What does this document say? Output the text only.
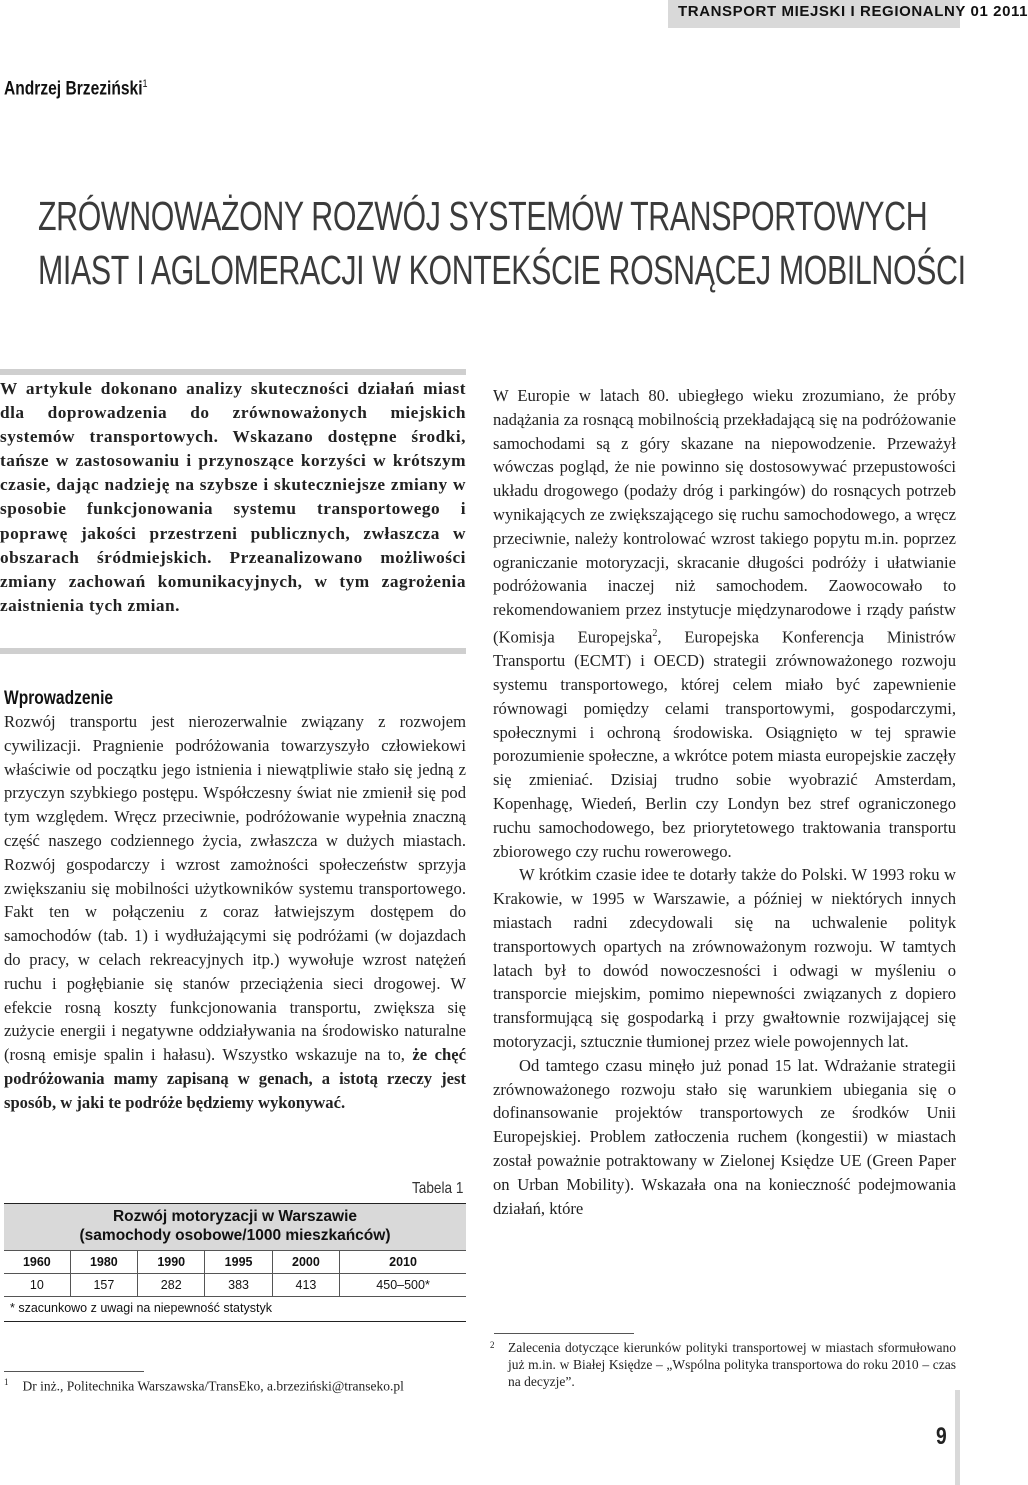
TRANSPORT MIEJSKI I REGIONALNY 01 2011
Andrzej Brzeziński$^1$
ZRÓWNOWAŻONY ROZWÓJ SYSTEMÓW TRANSPORTOWYCH
MIAST I AGLOMERACJI W KONTEKŚCIE ROSNĄCEJ MOBILNOŚCI
W artykule dokonano analizy skuteczności działań miast dla doprowadzenia do zrównoważonych miejskich systemów transportowych. Wskazano dostępne środki, tańsze w zastosowaniu i przynoszące korzyści w krótszym czasie, dając nadzieję na szybsze i skuteczniejsze zmiany w sposobie funkcjonowania systemu transportowego i poprawę jakości przestrzeni publicznych, zwłaszcza w obszarach śródmiejskich. Przeanalizowano możliwości zmiany zachowań komunikacyjnych, w tym zagrożenia zaistnienia tych zmian.
Wprowadzenie

Rozwój transportu jest nierozerwalnie związany z rozwojem cywilizacji. Pragnienie podróżowania towarzyszyło człowiekowi właściwie od początku jego istnienia i niewątpliwie stało się jedną z przyczyn szybkiego postępu. Współczesny świat nie zmienił się pod tym względem. Wręcz przeciwnie, podróżowanie wypełnia znaczną część naszego codziennego życia, zwłaszcza w dużych miastach. Rozwój gospodarczy i wzrost zamożności społeczeństw sprzyja zwiększaniu się mobilności użytkowników systemu transportowego. Fakt ten w połączeniu z coraz łatwiejszym dostępem do samochodów (tab. 1) i wydłużającymi się podróżami (w dojazdach do pracy, w celach rekreacyjnych itp.) wywołuje wzrost natężeń ruchu i pogłębianie się stanów przeciążenia sieci drogowej. W efekcie rosną koszty funkcjonowania transportu, zwiększa się zużycie energii i negatywne oddziaływania na środowisko naturalne (rosną emisje spalin i hałasu). Wszystko wskazuje na to, że chęć podróżowania mamy zapisaną w genach, a istotą rzeczy jest sposób, w jaki te podróże będziemy wykonywać.

Tabela 1
Rozwój motoryzacji w Warszawie
(samochody osobowe/1000 mieszkańców)
1960	1980	1990	1995	2000	2010
10	157	282	383	413	450–500*
* szacunkowo z uwagi na niepewność statystyk
$^1$ Dr inż., Politechnika Warszawska/TransEko, a.brzeziński@transeko.pl

W Europie w latach 80. ubiegłego wieku zrozumiano, że próby nadążania za rosnącą mobilnością przekładającą się na podróżowanie samochodami są z góry skazane na niepowodzenie. Przeważył wówczas pogląd, że nie powinno się dostosowywać przepustowości układu drogowego (podaży dróg i parkingów) do rosnących potrzeb wynikających ze zwiększającego się ruchu samochodowego, a wręcz przeciwnie, należy kontrolować wzrost takiego popytu m.in. poprzez ograniczanie motoryzacji, skracanie długości podróży i ułatwianie podróżowania inaczej niż samochodem. Zaowocowało to rekomendowaniem przez instytucje międzynarodowe i rządy państw (Komisja Europejska$^2$, Europejska Konferencja Ministrów Transportu (ECMT) i OECD) strategii zrównoważonego rozwoju systemu transportowego, której celem miało być zapewnienie równowagi pomiędzy celami transportowymi, gospodarczymi, społecznymi i ochroną środowiska. Osiągnięto w tej sprawie porozumienie społeczne, a wkrótce potem miasta europejskie zaczęły się zmieniać. Dzisiaj trudno sobie wyobrazić Amsterdam, Kopenhagę, Wiedeń, Berlin czy Londyn bez stref ograniczonego ruchu samochodowego, bez priorytetowego traktowania transportu zbiorowego czy ruchu rowerowego.

W krótkim czasie idee te dotarły także do Polski. W 1993 roku w Krakowie, w 1995 w Warszawie, a później w niektórych innych miastach radni zdecydowali się na uchwalenie polityk transportowych opartych na zrównoważonym rozwoju. W tamtych latach był to dowód nowoczesności i odwagi w myśleniu o transporcie miejskim, pomimo niepewności związanych z dopiero transformującą się gospodarką i przy gwałtownie rozwijającej się motoryzacji, sztucznie tłumionej przez wiele powojennych lat.

Od tamtego czasu minęło już ponad 15 lat. Wdrażanie strategii zrównoważonego rozwoju stało się warunkiem ubiegania się o dofinansowanie projektów transportowych ze środków Unii Europejskiej. Problem zatłoczenia ruchem (kongestii) w miastach został poważnie potraktowany w Zielonej Księdze UE (Green Paper on Urban Mobility). Wskazała ona na konieczność podejmowania działań, które

2 Zalecenia dotyczące kierunków polityki transportowej w miastach sformułowano już m.in. w Białej Księdze – „Wspólna polityka transportowa do roku 2010 – czas na decyzje”.
9
